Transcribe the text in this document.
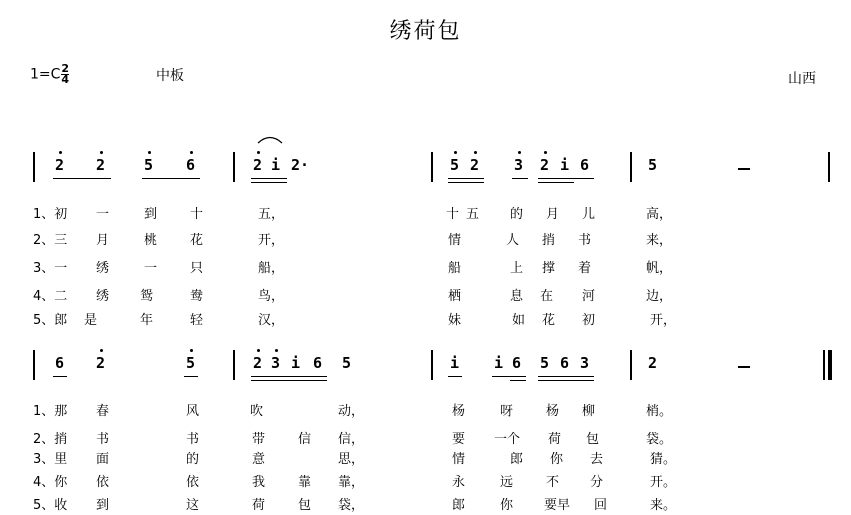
绣荷包
$1=C \frac{2}{4}$	中板	山西
2 2	5 6	2 i 2·	5 2 3 2 i 6	5
1、初 一	到	十	五，	十 五 的 月 儿	高，
2、三 月	桃	花	开，	情	人 捎 书	来，
3、一 绣	一	只	船，	船	上 撑 着	帆，
4、二 绣 鸳	鸯	鸟，	栖	息 在 河	边，
5、郎 是	年	轻	汉，	妹	如 花 初	开，
6 2	5	2 3 i 6 5	i i 6 5 6 3	2
1、那 春	风	吹	动，	杨	呀	杨 柳	梢。
2、捎 书	书	带	信 信，	要 一个 荷 包	袋。
3、里 面	的	意	思，	情	郎 你 去	猜。
4、你 依	依	我	靠 靠，	永	远	不 分	开。
5、收 到	这	荷	包 袋，	郎	你 要早 回	来。
